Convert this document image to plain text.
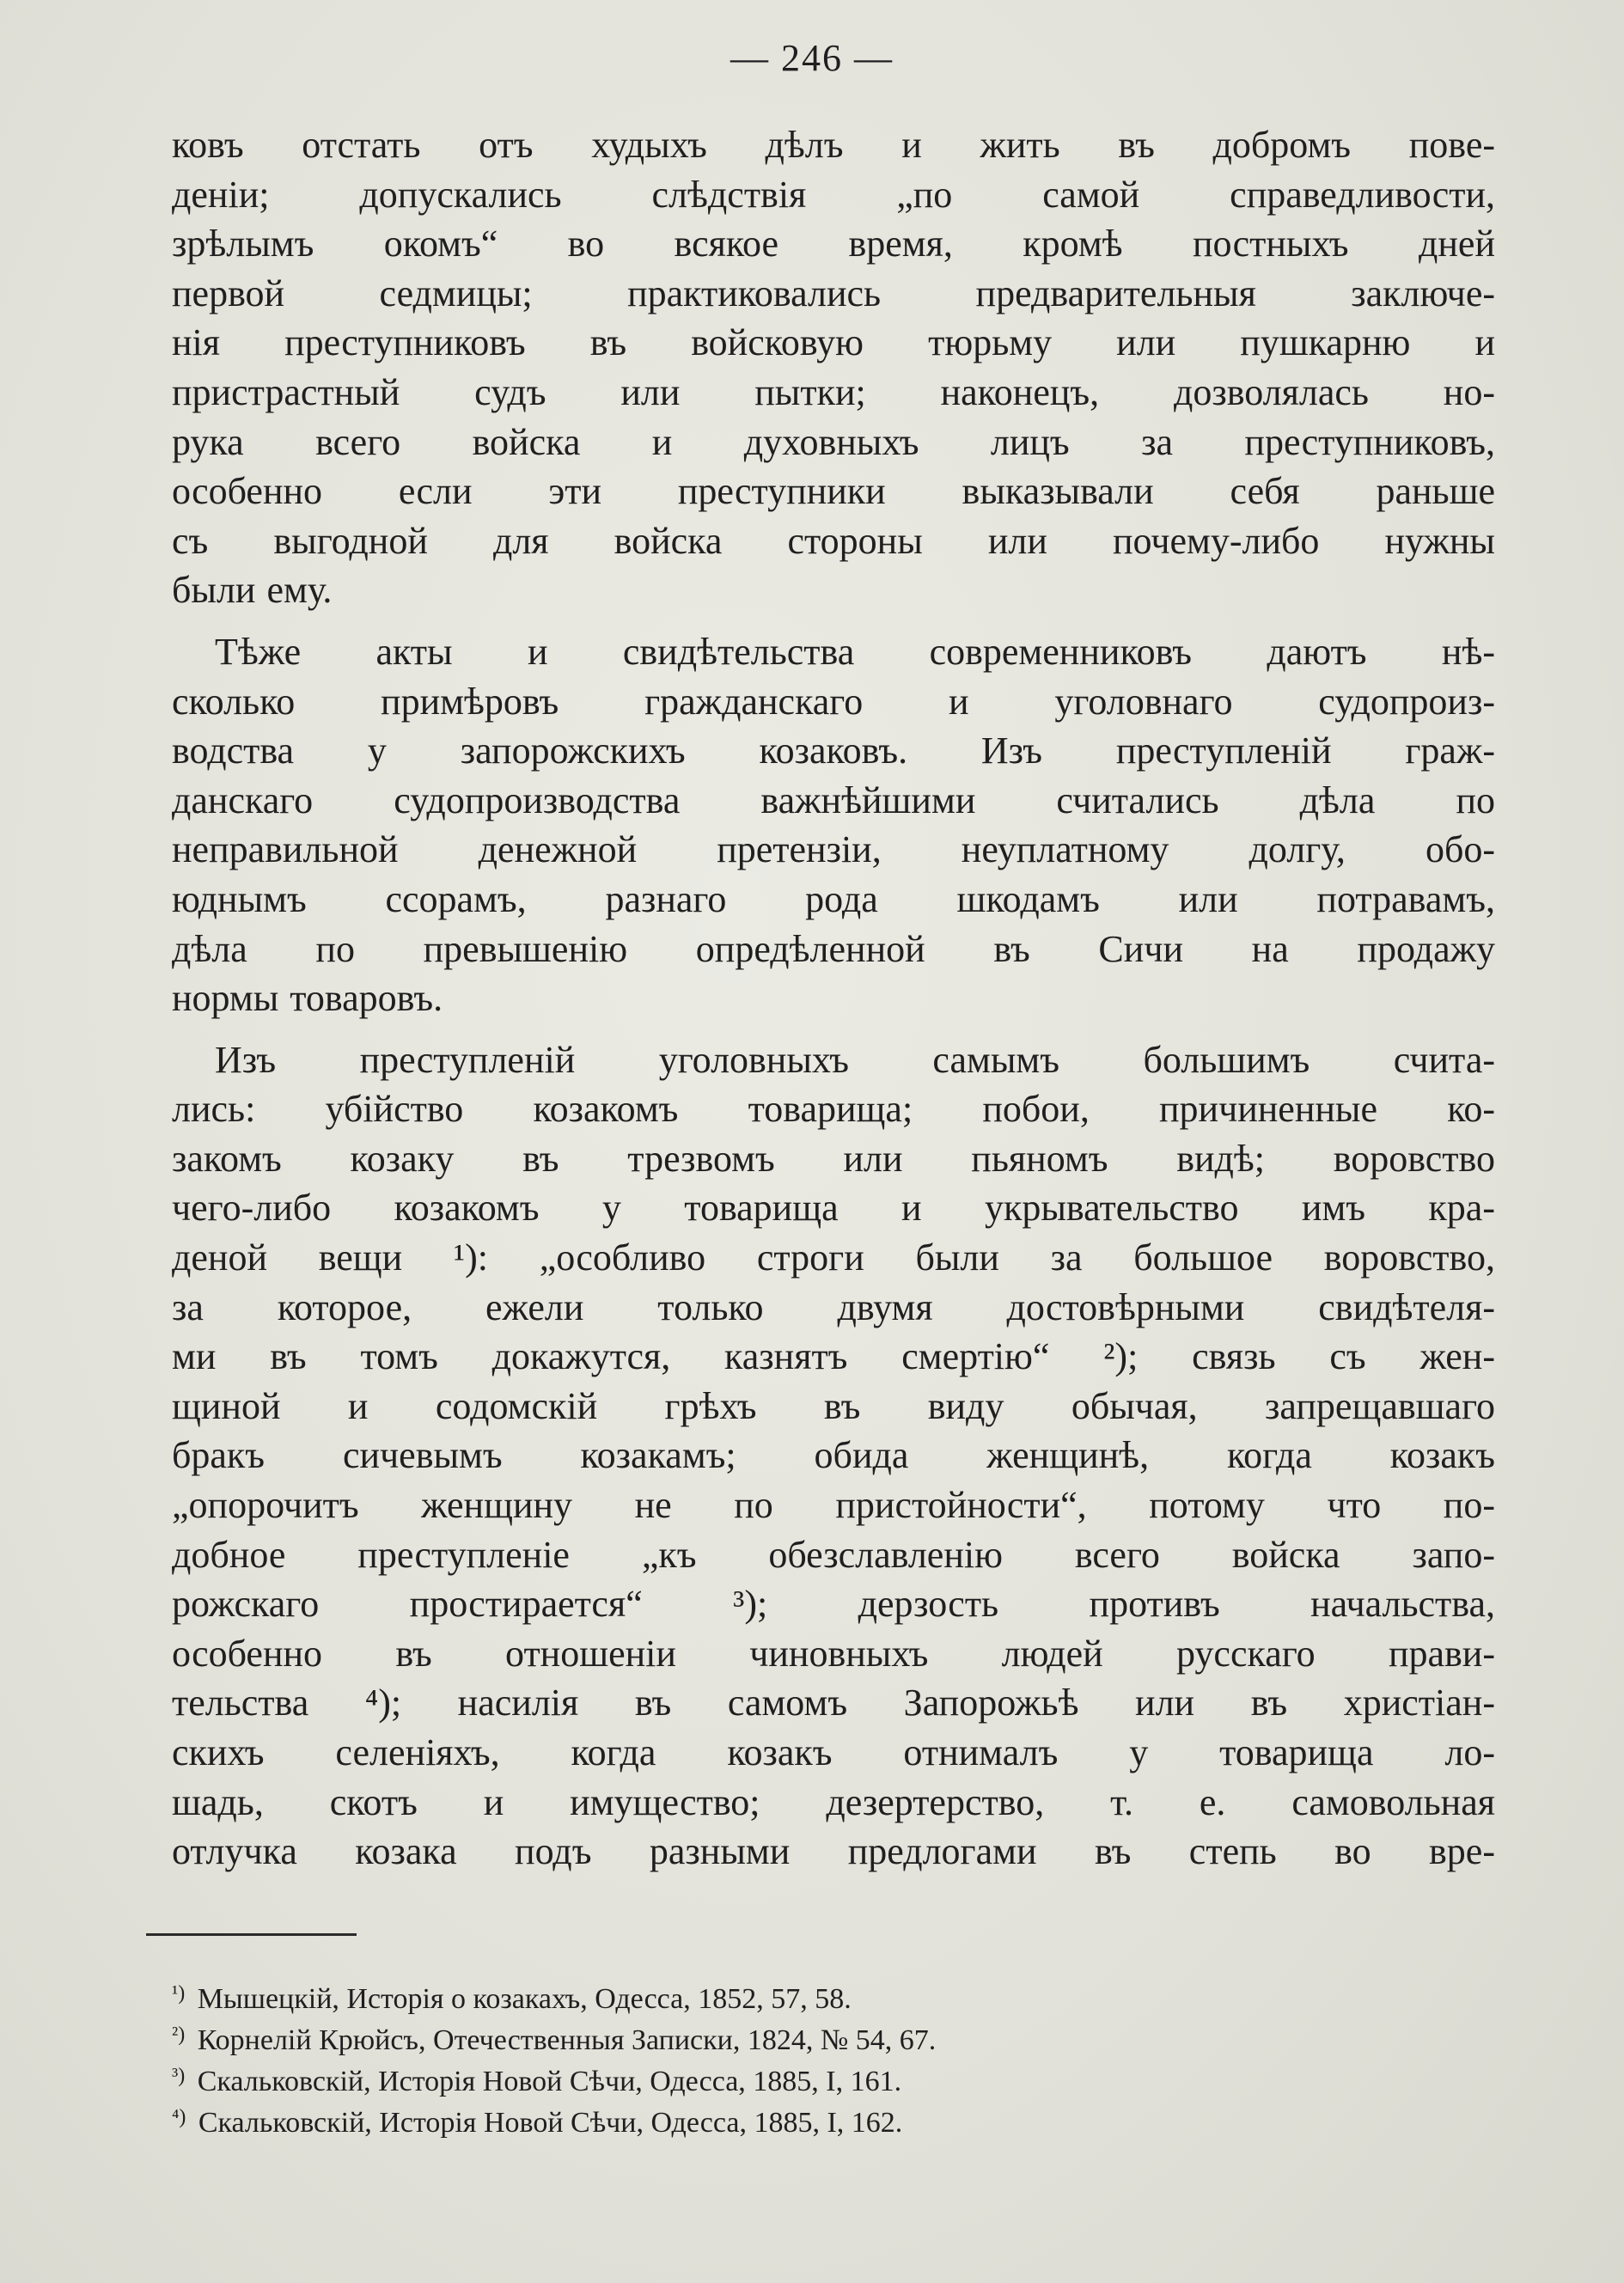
— 246 —
ковъ отстать отъ худыхъ дѣлъ и жить въ добромъ пове-
деніи; допускались слѣдствія „по самой справедливости,
зрѣлымъ окомъ“ во всякое время, кромѣ постныхъ дней
первой седмицы; практиковались предварительныя заключе-
нія преступниковъ въ войсковую тюрьму или пушкарню и
пристрастный судъ или пытки; наконецъ, дозволялась но-
рука всего войска и духовныхъ лицъ за преступниковъ,
особенно если эти преступники выказывали себя раньше
съ выгодной для войска стороны или почему-либо нужны
были ему.
Тѣже акты и свидѣтельства современниковъ даютъ нѣ-
сколько примѣровъ гражданскаго и уголовнаго судопроиз-
водства у запорожскихъ козаковъ. Изъ преступленій граж-
данскаго судопроизводства важнѣйшими считались дѣла по
неправильной денежной претензіи, неуплатному долгу, обо-
юднымъ ссорамъ, разнаго рода шкодамъ или потравамъ,
дѣла по превышенію опредѣленной въ Сичи на продажу
нормы товаровъ.
Изъ преступленій уголовныхъ самымъ большимъ счита-
лись: убійство козакомъ товарища; побои, причиненные ко-
закомъ козаку въ трезвомъ или пьяномъ видѣ; воровство
чего-либо козакомъ у товарища и укрывательство имъ кра-
деной вещи ¹): „особливо строги были за большое воровство,
за которое, ежели только двумя достовѣрными свидѣтеля-
ми въ томъ докажутся, казнятъ смертію“ ²); связь съ жен-
щиной и содомскій грѣхъ въ виду обычая, запрещавшаго
бракъ сичевымъ козакамъ; обида женщинѣ, когда козакъ
„опорочитъ женщину не по пристойности“, потому что по-
добное преступленіе „къ обезславленію всего войска запо-
рожскаго простирается“ ³); дерзость противъ начальства,
особенно въ отношеніи чиновныхъ людей русскаго прави-
тельства ⁴); насилія въ самомъ Запорожьѣ или въ христіан-
скихъ селеніяхъ, когда козакъ отнималъ у товарища ло-
шадь, скотъ и имущество; дезертерство, т. е. самовольная
отлучка козака подъ разными предлогами въ степь во вре-
$^{^1)}$ Мышецкій, Исторія о козакахъ, Одесса, 1852, 57, 58.
$^{^2)}$ Корнелій Крюйсъ, Отечественныя Записки, 1824, № 54, 67.
$^{^3)}$ Скальковскій, Исторія Новой Сѣчи, Одесса, 1885, I, 161.
$^{^4)}$ Скальковскій, Исторія Новой Сѣчи, Одесса, 1885, I, 162.
